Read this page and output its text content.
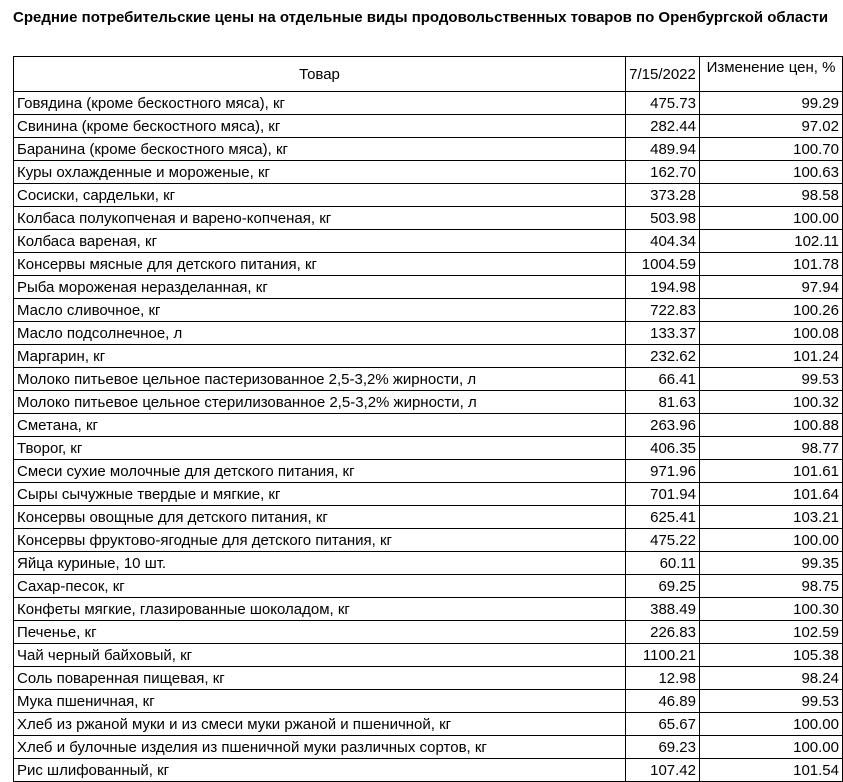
Средние потребительские цены на отдельные виды продовольственных товаров по Оренбургской области
Товар	7/15/2022	Изменение цен, %
Говядина (кроме бескостного мяса), кг	475.73	99.29
Свинина (кроме бескостного мяса), кг	282.44	97.02
Баранина (кроме бескостного мяса), кг	489.94	100.70
Куры охлажденные и мороженые, кг	162.70	100.63
Сосиски, сардельки, кг	373.28	98.58
Колбаса полукопченая и варено-копченая, кг	503.98	100.00
Колбаса вареная, кг	404.34	102.11
Консервы мясные для детского питания, кг	1004.59	101.78
Рыба мороженая неразделанная, кг	194.98	97.94
Масло сливочное, кг	722.83	100.26
Масло подсолнечное, л	133.37	100.08
Маргарин, кг	232.62	101.24
Молоко питьевое цельное пастеризованное 2,5-3,2% жирности, л	66.41	99.53
Молоко питьевое цельное стерилизованное 2,5-3,2% жирности, л	81.63	100.32
Сметана, кг	263.96	100.88
Творог, кг	406.35	98.77
Смеси сухие молочные для детского питания, кг	971.96	101.61
Сыры сычужные твердые и мягкие, кг	701.94	101.64
Консервы овощные для детского питания, кг	625.41	103.21
Консервы фруктово-ягодные для детского питания, кг	475.22	100.00
Яйца куриные, 10 шт.	60.11	99.35
Сахар-песок, кг	69.25	98.75
Конфеты мягкие, глазированные шоколадом, кг	388.49	100.30
Печенье, кг	226.83	102.59
Чай черный байховый, кг	1100.21	105.38
Соль поваренная пищевая, кг	12.98	98.24
Мука пшеничная, кг	46.89	99.53
Хлеб из ржаной муки и из смеси муки ржаной и пшеничной, кг	65.67	100.00
Хлеб и булочные изделия из пшеничной муки различных сортов, кг	69.23	100.00
Рис шлифованный, кг	107.42	101.54
